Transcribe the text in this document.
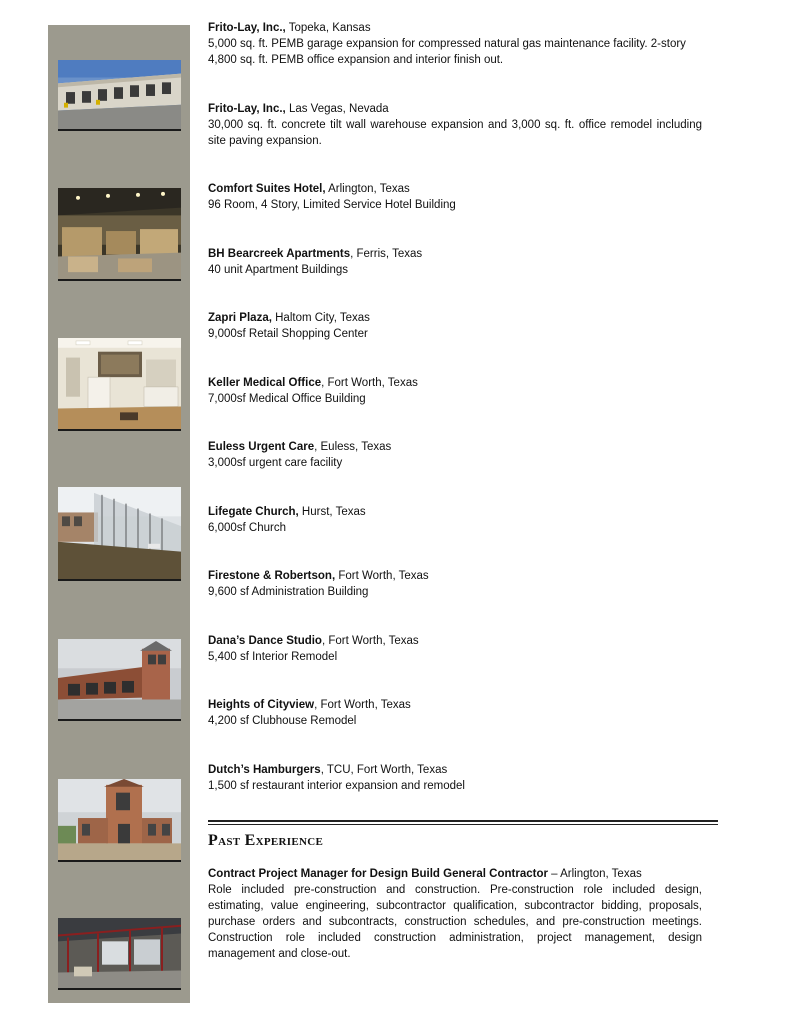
Frito-Lay, Inc., Topeka, Kansas
5,000 sq. ft. PEMB garage expansion for compressed natural gas maintenance facility. 2-story 4,800 sq. ft. PEMB office expansion and interior finish out.
Frito-Lay, Inc., Las Vegas, Nevada
30,000 sq. ft. concrete tilt wall warehouse expansion and 3,000 sq. ft. office remodel including site paving expansion.
Comfort Suites Hotel, Arlington, Texas
96 Room, 4 Story, Limited Service Hotel Building
BH Bearcreek Apartments, Ferris, Texas
40 unit Apartment Buildings
Zapri Plaza, Haltom City, Texas
9,000sf Retail Shopping Center
Keller Medical Office, Fort Worth, Texas
7,000sf Medical Office Building
Euless Urgent Care, Euless, Texas
3,000sf urgent care facility
Lifegate Church, Hurst, Texas
6,000sf Church
Firestone & Robertson, Fort Worth, Texas
9,600 sf Administration Building
Dana’s Dance Studio, Fort Worth, Texas
5,400 sf Interior Remodel
Heights of Cityview, Fort Worth, Texas
4,200 sf Clubhouse Remodel
Dutch’s Hamburgers, TCU, Fort Worth, Texas
1,500 sf restaurant interior expansion and remodel
Past Experience
Contract Project Manager for Design Build General Contractor – Arlington, Texas
Role included pre-construction and construction. Pre-construction role included design, estimating, value engineering, subcontractor qualification, subcontractor bidding, proposals, purchase orders and subcontracts, construction schedules, and pre-construction meetings. Construction role included construction administration, project management, design management and close-out.
